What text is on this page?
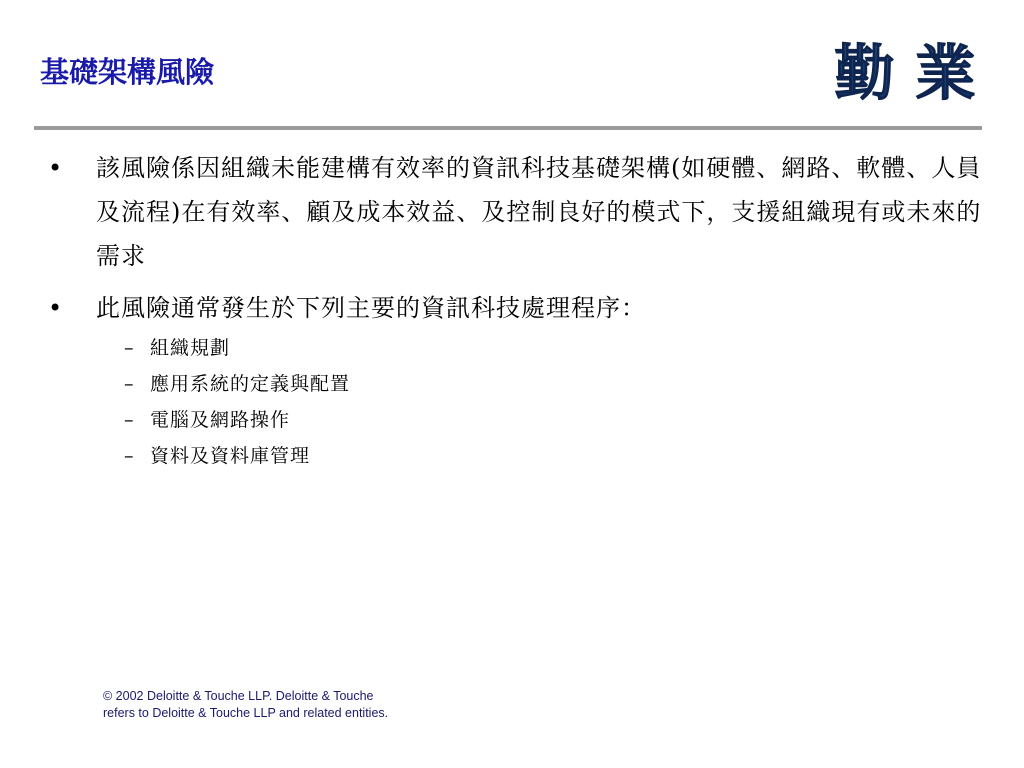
基礎架構風險	勤 業
•	該風險係因組織未能建構有效率的資訊科技基礎架構(如硬體、網路、軟體、人員及流程)在有效率、顧及成本效益、及控制良好的模式下，支援組織現有或未來的需求
•	此風險通常發生於下列主要的資訊科技處理程序：
– 組織規劃
– 應用系統的定義與配置
– 電腦及網路操作
– 資料及資料庫管理
© 2002 Deloitte & Touche LLP. Deloitte & Touche
refers to Deloitte & Touche LLP and related entities.
